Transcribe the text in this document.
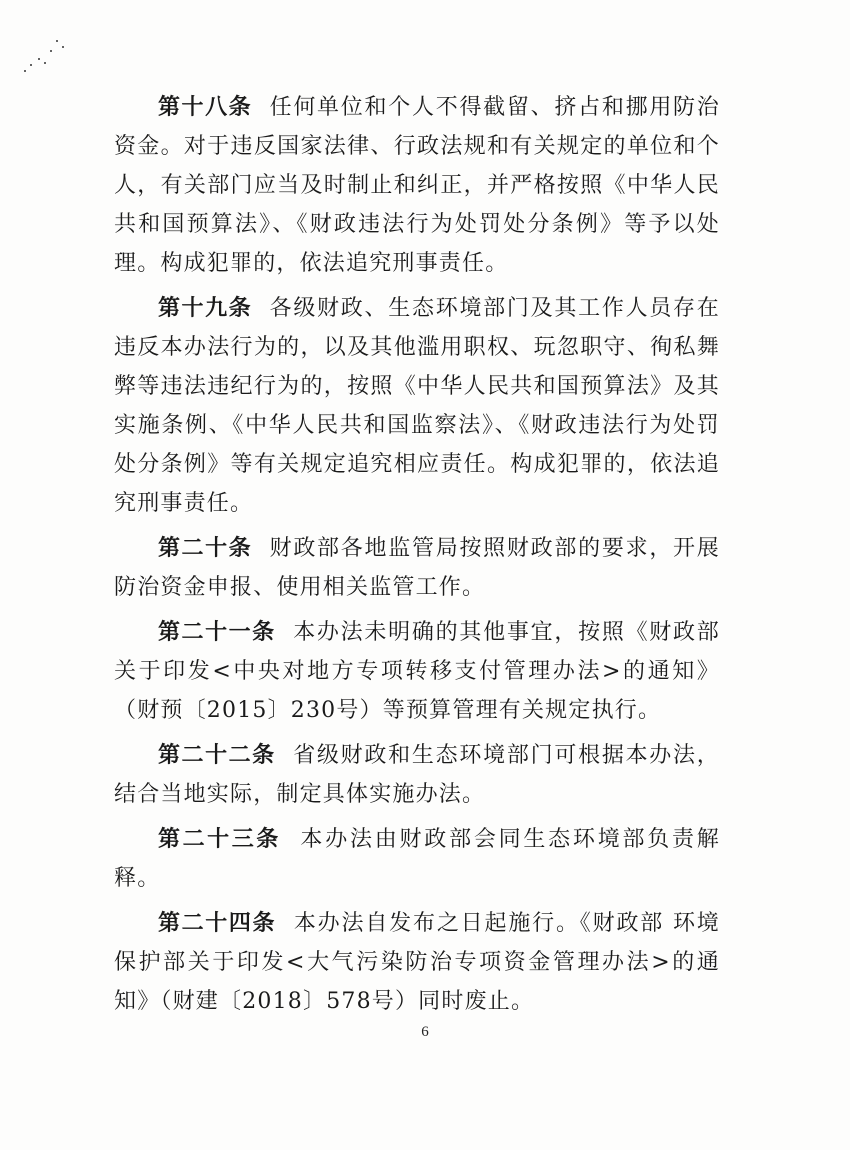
第十八条 任何单位和个人不得截留、挤占和挪用防治资金。对于违反国家法律、行政法规和有关规定的单位和个人，有关部门应当及时制止和纠正，并严格按照《中华人民共和国预算法》、《财政违法行为处罚处分条例》等予以处理。构成犯罪的，依法追究刑事责任。

第十九条 各级财政、生态环境部门及其工作人员存在违反本办法行为的，以及其他滥用职权、玩忽职守、徇私舞弊等违法违纪行为的，按照《中华人民共和国预算法》及其实施条例、《中华人民共和国监察法》、《财政违法行为处罚处分条例》等有关规定追究相应责任。构成犯罪的，依法追究刑事责任。

第二十条 财政部各地监管局按照财政部的要求，开展防治资金申报、使用相关监管工作。

第二十一条 本办法未明确的其他事宜，按照《财政部关于印发<中央对地方专项转移支付管理办法>的通知》（财预〔2015〕230号）等预算管理有关规定执行。

第二十二条 省级财政和生态环境部门可根据本办法，结合当地实际，制定具体实施办法。

第二十三条 本办法由财政部会同生态环境部负责解释。

第二十四条 本办法自发布之日起施行。《财政部 环境保护部关于印发<大气污染防治专项资金管理办法>的通知》（财建〔2018〕578号）同时废止。

6
